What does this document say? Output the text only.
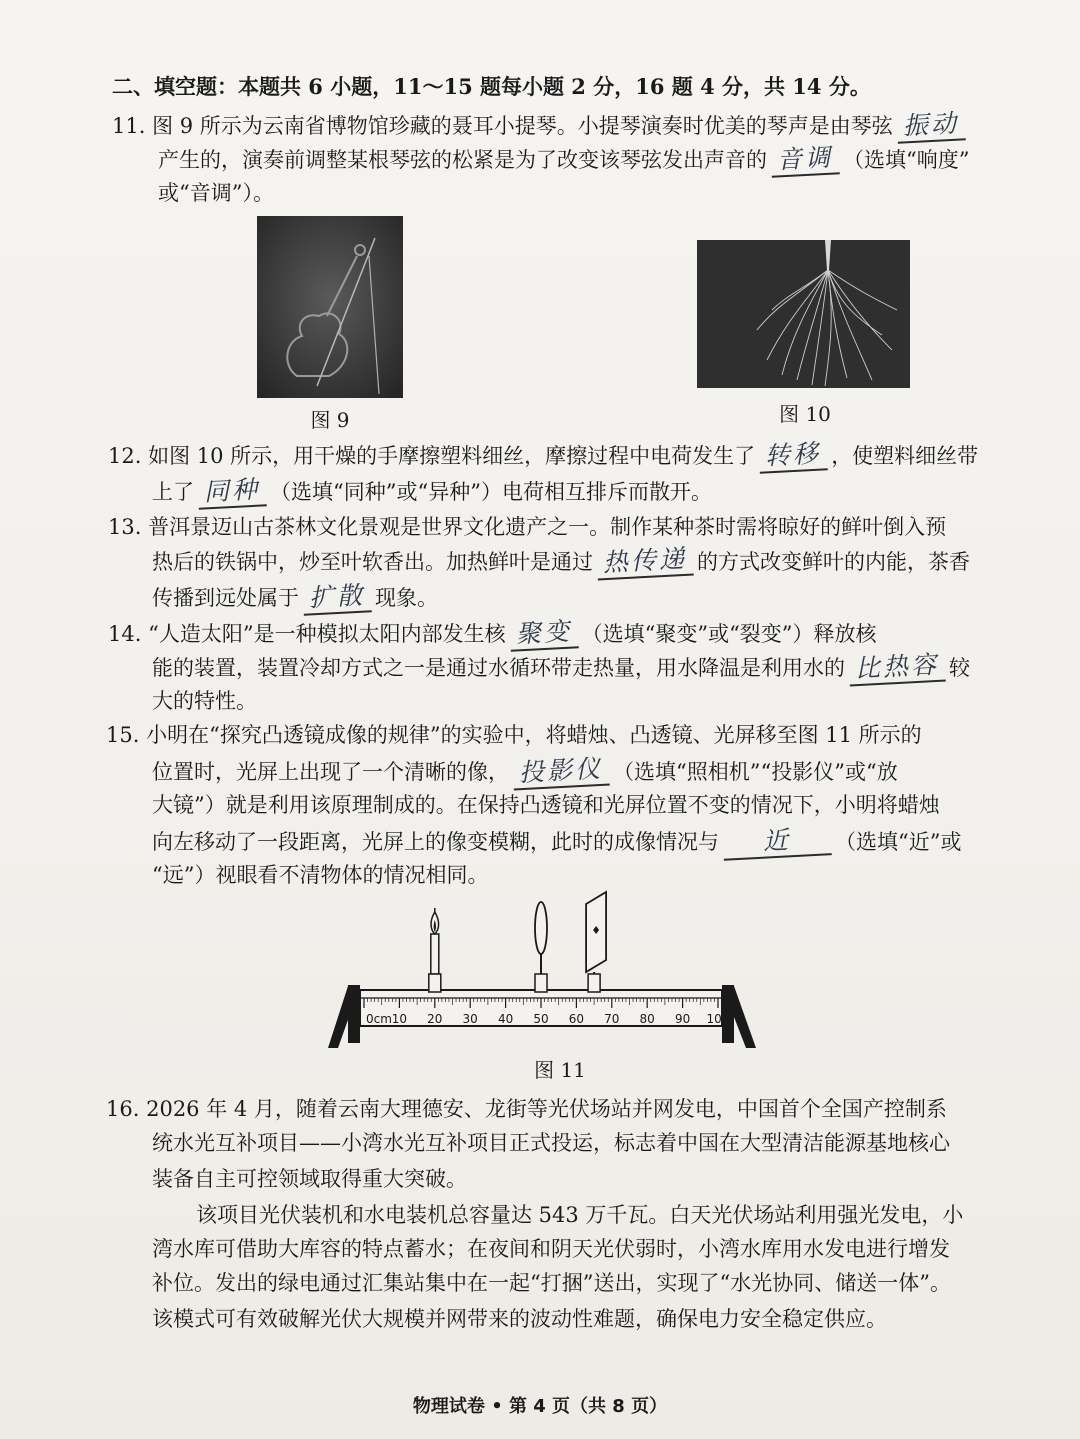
二、填空题：本题共 6 小题，11～15 题每小题 2 分，16 题 4 分，共 14 分。
11. 图 9 所示为云南省博物馆珍藏的聂耳小提琴。小提琴演奏时优美的琴声是由琴弦 振动
产生的，演奏前调整某根琴弦的松紧是为了改变该琴弦发出声音的 音调 （选填“响度”
或“音调”）。
图 9	图 10
12. 如图 10 所示，用干燥的手摩擦塑料细丝，摩擦过程中电荷发生了 转移 ，使塑料细丝带
上了 同种 （选填“同种”或“异种”）电荷相互排斥而散开。
13. 普洱景迈山古茶林文化景观是世界文化遗产之一。制作某种茶时需将晾好的鲜叶倒入预
热后的铁锅中，炒至叶软香出。加热鲜叶是通过 热传递 的方式改变鲜叶的内能，茶香
传播到远处属于 扩散 现象。
14. “人造太阳”是一种模拟太阳内部发生核 聚变 （选填“聚变”或“裂变”）释放核
能的装置，装置冷却方式之一是通过水循环带走热量，用水降温是利用水的 比热容 较
大的特性。
15. 小明在“探究凸透镜成像的规律”的实验中，将蜡烛、凸透镜、光屏移至图 11 所示的
位置时，光屏上出现了一个清晰的像， 投影仪 （选填“照相机”“投影仪”或“放
大镜”）就是利用该原理制成的。在保持凸透镜和光屏位置不变的情况下，小明将蜡烛
向左移动了一段距离，光屏上的像变模糊，此时的成像情况与 近 （选填“近”或
“远”）视眼看不清物体的情况相同。
0cm 10 20 30 40 50 60 70 80 90 100
图 11
16. 2026 年 4 月，随着云南大理德安、龙街等光伏场站并网发电，中国首个全国产控制系
统水光互补项目——小湾水光互补项目正式投运，标志着中国在大型清洁能源基地核心
装备自主可控领域取得重大突破。
该项目光伏装机和水电装机总容量达 543 万千瓦。白天光伏场站利用强光发电，小
湾水库可借助大库容的特点蓄水；在夜间和阴天光伏弱时，小湾水库用水发电进行增发
补位。发出的绿电通过汇集站集中在一起“打捆”送出，实现了“水光协同、储送一体”。
该模式可有效破解光伏大规模并网带来的波动性难题，确保电力安全稳定供应。
物理试卷 • 第 4 页（共 8 页）
